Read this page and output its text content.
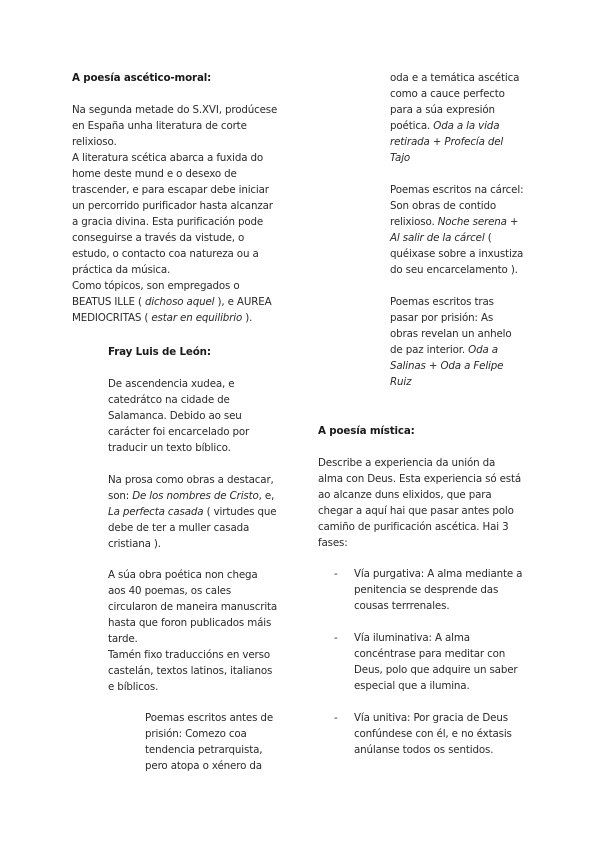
A poesía ascético-moral:
Na segunda metade do S.XVI, prodúcese
en España unha literatura de corte
relixioso.
A literatura scética abarca a fuxida do
home deste mund e o desexo de
trascender, e para escapar debe iniciar
un percorrido purificador hasta alcanzar
a gracia divina. Esta purificación pode
conseguirse a través da vistude, o
estudo, o contacto coa natureza ou a
práctica da música.
Como tópicos, son empregados o
BEATUS ILLE ( dichoso aquel ), e AUREA
MEDIOCRITAS ( estar en equilibrio ).
Fray Luis de León:
De ascendencia xudea, e
catedrátco na cidade de
Salamanca. Debido ao seu
carácter foi encarcelado por
traducir un texto bíblico.
Na prosa como obras a destacar,
son: De los nombres de Cristo, e,
La perfecta casada ( virtudes que
debe de ter a muller casada
cristiana ).
A súa obra poética non chega
aos 40 poemas, os cales
circularon de maneira manuscrita
hasta que foron publicados máis
tarde.
Tamén fixo traduccións en verso
castelán, textos latinos, italianos
e bíblicos.
Poemas escritos antes de
prisión: Comezo coa
tendencia petrarquista,
pero atopa o xénero da
oda e a temática ascética
como a cauce perfecto
para a súa expresión
poética. Oda a la vida
retirada + Profecía del
Tajo
Poemas escritos na cárcel:
Son obras de contido
relixioso. Noche serena +
Al salir de la cárcel (
quéixase sobre a inxustiza
do seu encarcelamento ).
Poemas escritos tras
pasar por prisión: As
obras revelan un anhelo
de paz interior. Oda a
Salinas + Oda a Felipe
Ruiz
A poesía mística:
Describe a experiencia da unión da
alma con Deus. Esta experiencia só está
ao alcanze duns elixidos, que para
chegar a aquí hai que pasar antes polo
camiño de purificación ascética. Hai 3
fases:
- Vía purgativa: A alma mediante a
penitencia se desprende das
cousas terrrenales.
- Vía iluminativa: A alma
concéntrase para meditar con
Deus, polo que adquire un saber
especial que a ilumina.
- Vía unitiva: Por gracia de Deus
confúndese con él, e no éxtasis
anúlanse todos os sentidos.
